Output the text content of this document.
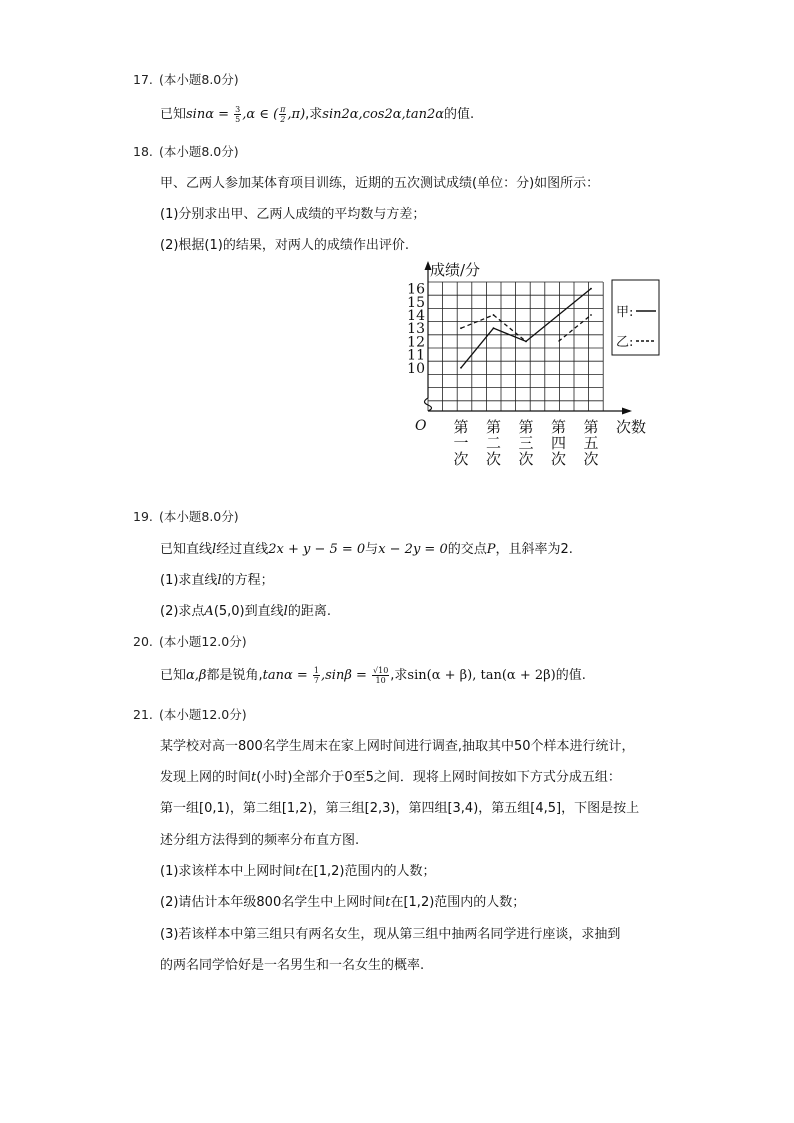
17. (本小题8.0分)
已知$\sin\alpha = \frac{3}{5} ,\alpha$ ∈ ( $\frac{\pi}{2} ,\pi$),求sin2α,cos2α,tan2α的值.
18. (本小题8.0分)
甲、乙两人参加某体育项目训练，近期的五次测试成绩(单位：分)如图所示：
(1)分别求出甲、乙两人成绩的平均数与方差；
(2)根据(1)的结果，对两人的成绩作出评价.
成绩/分
次数
O
16
15
14
13
12
11
10
第
一
次
第
二
次
第
三
次
第
四
次
第
五
次
甲:
乙:
19. (本小题8.0分)
已知直线l经过直线2x + y − 5 = 0与x − 2y = 0的交点P，且斜率为2.
(1)求直线l的方程；
(2)求点A(5,0)到直线l的距离.
20. (本小题12.0分)
已知α,β都是锐角$,\tan\alpha = \frac{1}{7} ,\sin\beta = \frac{√10}{10}$ ,求sin(α + β), tan(α + 2β)的值.
21. (本小题12.0分)
某学校对高一800名学生周末在家上网时间进行调查,抽取其中50个样本进行统计，
发现上网的时间t(小时)全部介于0至5之间．现将上网时间按如下方式分成五组：
第一组[0,1)，第二组[1,2)，第三组[2,3)，第四组[3,4)，第五组[4,5]，下图是按上
述分组方法得到的频率分布直方图.
(1)求该样本中上网时间t在[1,2)范围内的人数；
(2)请估计本年级800名学生中上网时间t在[1,2)范围内的人数；
(3)若该样本中第三组只有两名女生，现从第三组中抽两名同学进行座谈，求抽到
的两名同学恰好是一名男生和一名女生的概率.
